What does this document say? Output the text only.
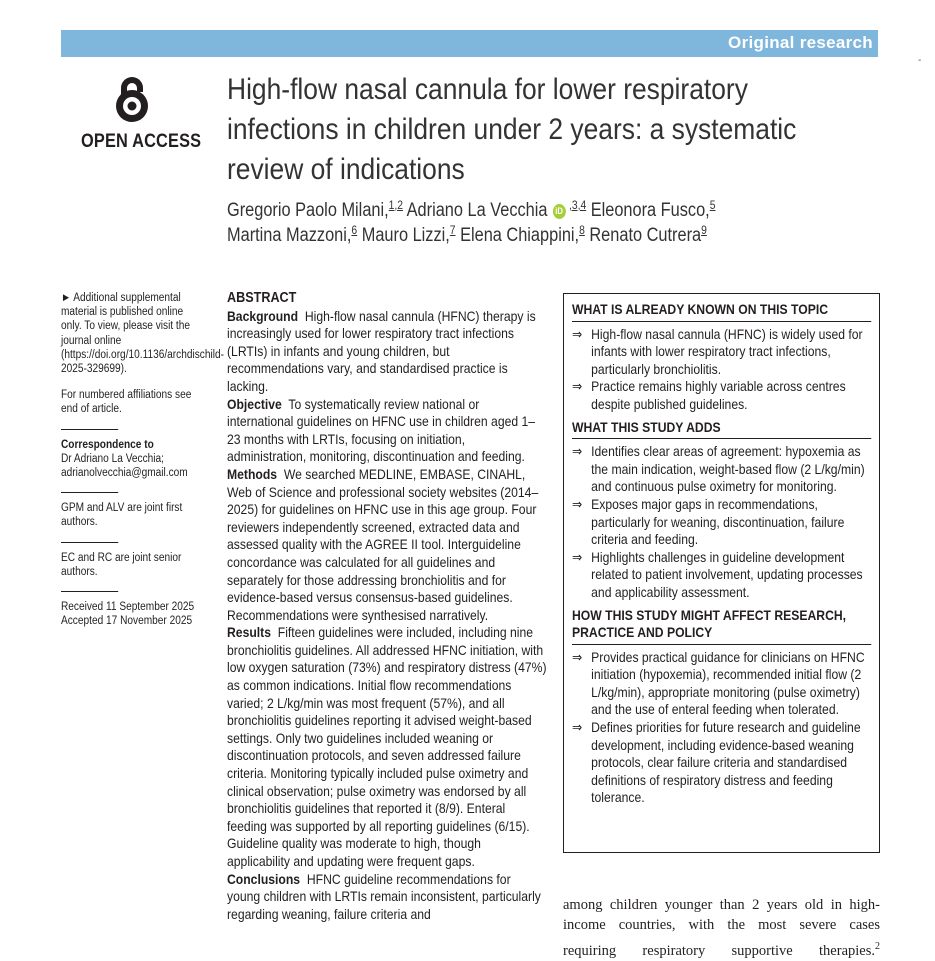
Original research
-
OPEN ACCESS
High-flow nasal cannula for lower respiratory infections in children under 2 years: a systematic review of indications
Gregorio Paolo Milani,$^{1,2}$ Adriano La Vecchia iD $^{,3,4}$ Eleonora Fusco,$^5$
Martina Mazzoni,$^6$ Mauro Lizzi,$^7$ Elena Chiappini,$^8$ Renato Cutrera$^9$
► Additional supplemental material is published online only. To view, please visit the journal online (https://doi.org/10.1136/archdischild-2025-329699).
For numbered affiliations see end of article.
Correspondence to
Dr Adriano La Vecchia;
adrianolvecchia@gmail.com
GPM and ALV are joint first authors.
EC and RC are joint senior authors.
Received 11 September 2025
Accepted 17 November 2025
ABSTRACT
Background High-flow nasal cannula (HFNC) therapy is increasingly used for lower respiratory tract infections (LRTIs) in infants and young children, but recommendations vary, and standardised practice is lacking.
Objective To systematically review national or international guidelines on HFNC use in children aged 1–23 months with LRTIs, focusing on initiation, administration, monitoring, discontinuation and feeding.
Methods We searched MEDLINE, EMBASE, CINAHL, Web of Science and professional society websites (2014–2025) for guidelines on HFNC use in this age group. Four reviewers independently screened, extracted data and assessed quality with the AGREE II tool. Interguideline concordance was calculated for all guidelines and separately for those addressing bronchiolitis and for evidence-based versus consensus-based guidelines. Recommendations were synthesised narratively.
Results Fifteen guidelines were included, including nine bronchiolitis guidelines. All addressed HFNC initiation, with low oxygen saturation (73%) and respiratory distress (47%) as common indications. Initial flow recommendations varied; 2 L/kg/min was most frequent (57%), and all bronchiolitis guidelines reporting it advised weight-based settings. Only two guidelines included weaning or discontinuation protocols, and seven addressed failure criteria. Monitoring typically included pulse oximetry and clinical observation; pulse oximetry was endorsed by all bronchiolitis guidelines that reported it (8/9). Enteral feeding was supported by all reporting guidelines (6/15). Guideline quality was moderate to high, though applicability and updating were frequent gaps.
Conclusions HFNC guideline recommendations for young children with LRTIs remain inconsistent, particularly regarding weaning, failure criteria and
WHAT IS ALREADY KNOWN ON THIS TOPIC
⇒ High-flow nasal cannula (HFNC) is widely used for infants with lower respiratory tract infections, particularly bronchiolitis.
⇒ Practice remains highly variable across centres despite published guidelines.
WHAT THIS STUDY ADDS
⇒ Identifies clear areas of agreement: hypoxemia as the main indication, weight-based flow (2 L/kg/min) and continuous pulse oximetry for monitoring.
⇒ Exposes major gaps in recommendations, particularly for weaning, discontinuation, failure criteria and feeding.
⇒ Highlights challenges in guideline development related to patient involvement, updating processes and applicability assessment.
HOW THIS STUDY MIGHT AFFECT RESEARCH, PRACTICE AND POLICY
⇒ Provides practical guidance for clinicians on HFNC initiation (hypoxemia), recommended initial flow (2 L/kg/min), appropriate monitoring (pulse oximetry) and the use of enteral feeding when tolerated.
⇒ Defines priorities for future research and guideline development, including evidence-based weaning protocols, clear failure criteria and standardised definitions of respiratory distress and feeding tolerance.
among children younger than 2 years old in high-income countries, with the most severe cases requiring respiratory supportive therapies.$^2$
